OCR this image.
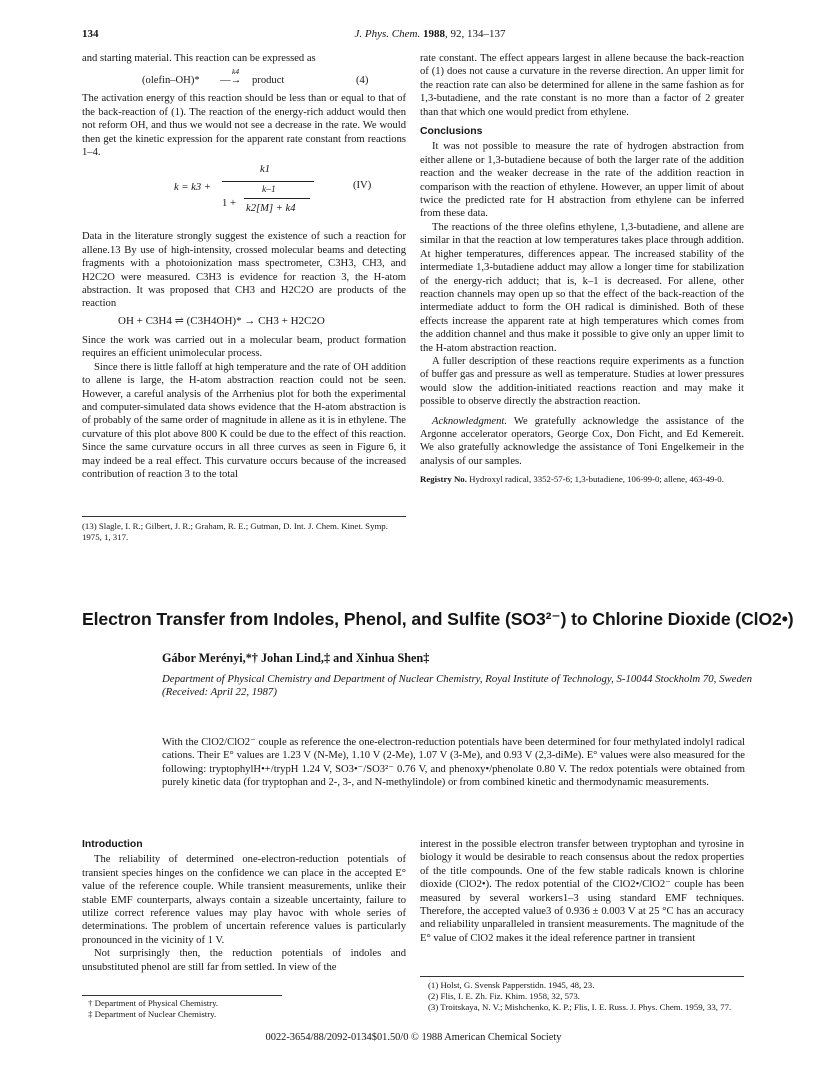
134	J. Phys. Chem. 1988, 92, 134–137

and starting material. This reaction can be expressed as

(olefin–OH)*
k4
—→ product	(4)

The activation energy of this reaction should be less than or equal to that of the back-reaction of (1). The reaction of the energy-rich adduct would then not reform OH, and thus we would not see a decrease in the rate. We would then get the kinetic expression for the apparent rate constant from reactions 1–4.

k = k3 +
k1
1 +
k–1
k2[M] + k4
(IV)

Data in the literature strongly suggest the existence of such a reaction for allene.13 By use of high-intensity, crossed molecular beams and detecting fragments with a photoionization mass spectrometer, C3H3, CH3, and H2C2O were measured. C3H3 is evidence for reaction 3, the H-atom abstraction. It was proposed that CH3 and H2C2O are products of the reaction

OH + C3H4 ⇌ (C3H4OH)* → CH3 + H2C2O

Since the work was carried out in a molecular beam, product formation requires an efficient unimolecular process.

Since there is little falloff at high temperature and the rate of OH addition to allene is large, the H-atom abstraction reaction could not be seen. However, a careful analysis of the Arrhenius plot for both the experimental and computer-simulated data shows evidence that the H-atom abstraction is of probably of the same order of magnitude in allene as it is in ethylene. The curvature of this plot above 800 K could be due to the effect of this reaction. Since the same curvature occurs in all three curves as seen in Figure 6, it may indeed be a real effect. This curvature occurs because of the increased contribution of reaction 3 to the total

(13) Slagle, I. R.; Gilbert, J. R.; Graham, R. E.; Gutman, D. Int. J. Chem. Kinet. Symp. 1975, 1, 317.

rate constant. The effect appears largest in allene because the back-reaction of (1) does not cause a curvature in the reverse direction. An upper limit for the reaction rate can also be determined for allene in the same fashion as for 1,3-butadiene, and the rate constant is no more than a factor of 2 greater than that which one would predict from ethylene.

Conclusions

It was not possible to measure the rate of hydrogen abstraction from either allene or 1,3-butadiene because of both the larger rate of the addition reaction and the weaker decrease in the rate of the addition reaction in comparison with the reaction of ethylene. However, an upper limit of about twice the predicted rate for H abstraction from ethylene can be inferred from these data.

The reactions of the three olefins ethylene, 1,3-butadiene, and allene are similar in that the reaction at low temperatures takes place through addition. At higher temperatures, differences appear. The increased stability of the intermediate 1,3-butadiene adduct may allow a longer time for stabilization of the energy-rich adduct; that is, k–1 is decreased. For allene, other reaction channels may open up so that the effect of the back-reaction of the intermediate adduct to form the OH radical is diminished. Both of these effects increase the apparent rate at high temperatures which comes from the addition channel and thus make it possible to give only an upper limit to the H-atom abstraction reaction.

A fuller description of these reactions require experiments as a function of buffer gas and pressure as well as temperature. Studies at lower pressures would slow the addition-initiated reactions reaction and may make it possible to observe directly the abstraction reaction.

Acknowledgment. We gratefully acknowledge the assistance of the Argonne accelerator operators, George Cox, Don Ficht, and Ed Kemereit. We also gratefully acknowledge the assistance of Toni Engelkemeir in the analysis of our samples.

Registry No. Hydroxyl radical, 3352-57-6; 1,3-butadiene, 106-99-0; allene, 463-49-0.

Electron Transfer from Indoles, Phenol, and Sulfite (SO3²⁻) to Chlorine Dioxide (ClO2•)
Gábor Merényi,*† Johan Lind,‡ and Xinhua Shen‡
Department of Physical Chemistry and Department of Nuclear Chemistry, Royal Institute of Technology, S-10044 Stockholm 70, Sweden (Received: April 22, 1987)
With the ClO2/ClO2⁻ couple as reference the one-electron-reduction potentials have been determined for four methylated indolyl radical cations. Their E° values are 1.23 V (N-Me), 1.10 V (2-Me), 1.07 V (3-Me), and 0.93 V (2,3-diMe). E° values were also measured for the following: tryptophylH•+/trypH 1.24 V, SO3•⁻/SO3²⁻ 0.76 V, and phenoxy•/phenolate 0.80 V. The redox potentials were obtained from purely kinetic data (for tryptophan and 2-, 3-, and N-methylindole) or from combined kinetic and thermodynamic measurements.
Introduction

The reliability of determined one-electron-reduction potentials of transient species hinges on the confidence we can place in the accepted E° value of the reference couple. While transient measurements, unlike their stable EMF counterparts, always contain a sizeable uncertainty, failure to utilize correct reference values may play havoc with whole series of determinations. The problem of uncertain reference values is particularly pronounced in the vicinity of 1 V.

Not surprisingly then, the reduction potentials of indoles and unsubstituted phenol are still far from settled. In view of the

† Department of Physical Chemistry.

‡ Department of Nuclear Chemistry.

interest in the possible electron transfer between tryptophan and tyrosine in biology it would be desirable to reach consensus about the redox properties of the title compounds. One of the few stable radicals known is chlorine dioxide (ClO2•). The redox potential of the ClO2•/ClO2⁻ couple has been measured by several workers1–3 using standard EMF techniques. Therefore, the accepted value3 of 0.936 ± 0.003 V at 25 °C has an accuracy and reliability unparalleled in transient measurements. The magnitude of the E° value of ClO2 makes it the ideal reference partner in transient

(1) Holst, G. Svensk Papperstidn. 1945, 48, 23.

(2) Flis, I. E. Zh. Fiz. Khim. 1958, 32, 573.

(3) Troitskaya, N. V.; Mishchenko, K. P.; Flis, I. E. Russ. J. Phys. Chem. 1959, 33, 77.

0022-3654/88/2092-0134$01.50/0 © 1988 American Chemical Society
